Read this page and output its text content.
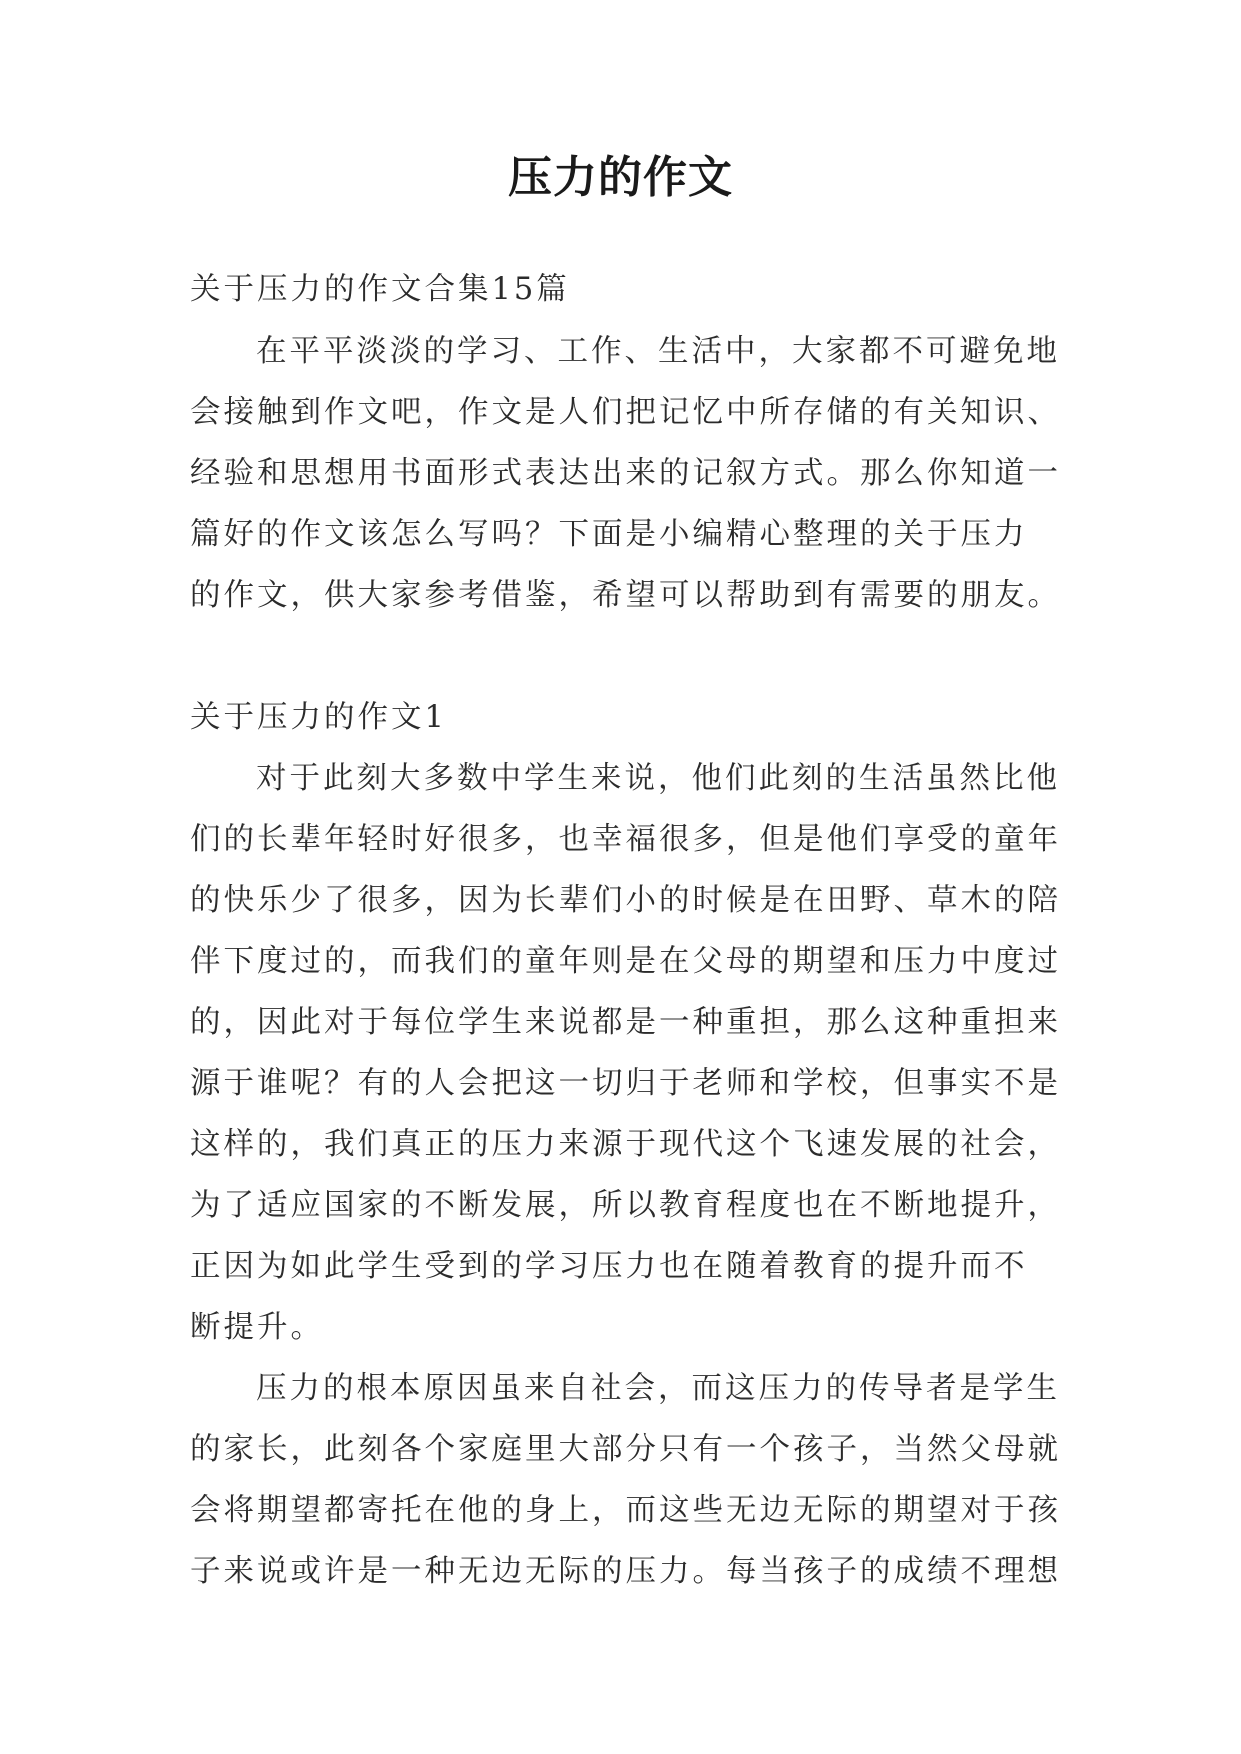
压力的作文
关于压力的作文合集15篇
在平平淡淡的学习、工作、生活中，大家都不可避免地
会接触到作文吧，作文是人们把记忆中所存储的有关知识、
经验和思想用书面形式表达出来的记叙方式。那么你知道一
篇好的作文该怎么写吗？下面是小编精心整理的关于压力
的作文，供大家参考借鉴，希望可以帮助到有需要的朋友。
关于压力的作文1
对于此刻大多数中学生来说，他们此刻的生活虽然比他
们的长辈年轻时好很多，也幸福很多，但是他们享受的童年
的快乐少了很多，因为长辈们小的时候是在田野、草木的陪
伴下度过的，而我们的童年则是在父母的期望和压力中度过
的，因此对于每位学生来说都是一种重担，那么这种重担来
源于谁呢？有的人会把这一切归于老师和学校，但事实不是
这样的，我们真正的压力来源于现代这个飞速发展的社会，
为了适应国家的不断发展，所以教育程度也在不断地提升，
正因为如此学生受到的学习压力也在随着教育的提升而不
断提升。
压力的根本原因虽来自社会，而这压力的传导者是学生
的家长，此刻各个家庭里大部分只有一个孩子，当然父母就
会将期望都寄托在他的身上，而这些无边无际的期望对于孩
子来说或许是一种无边无际的压力。每当孩子的成绩不理想
